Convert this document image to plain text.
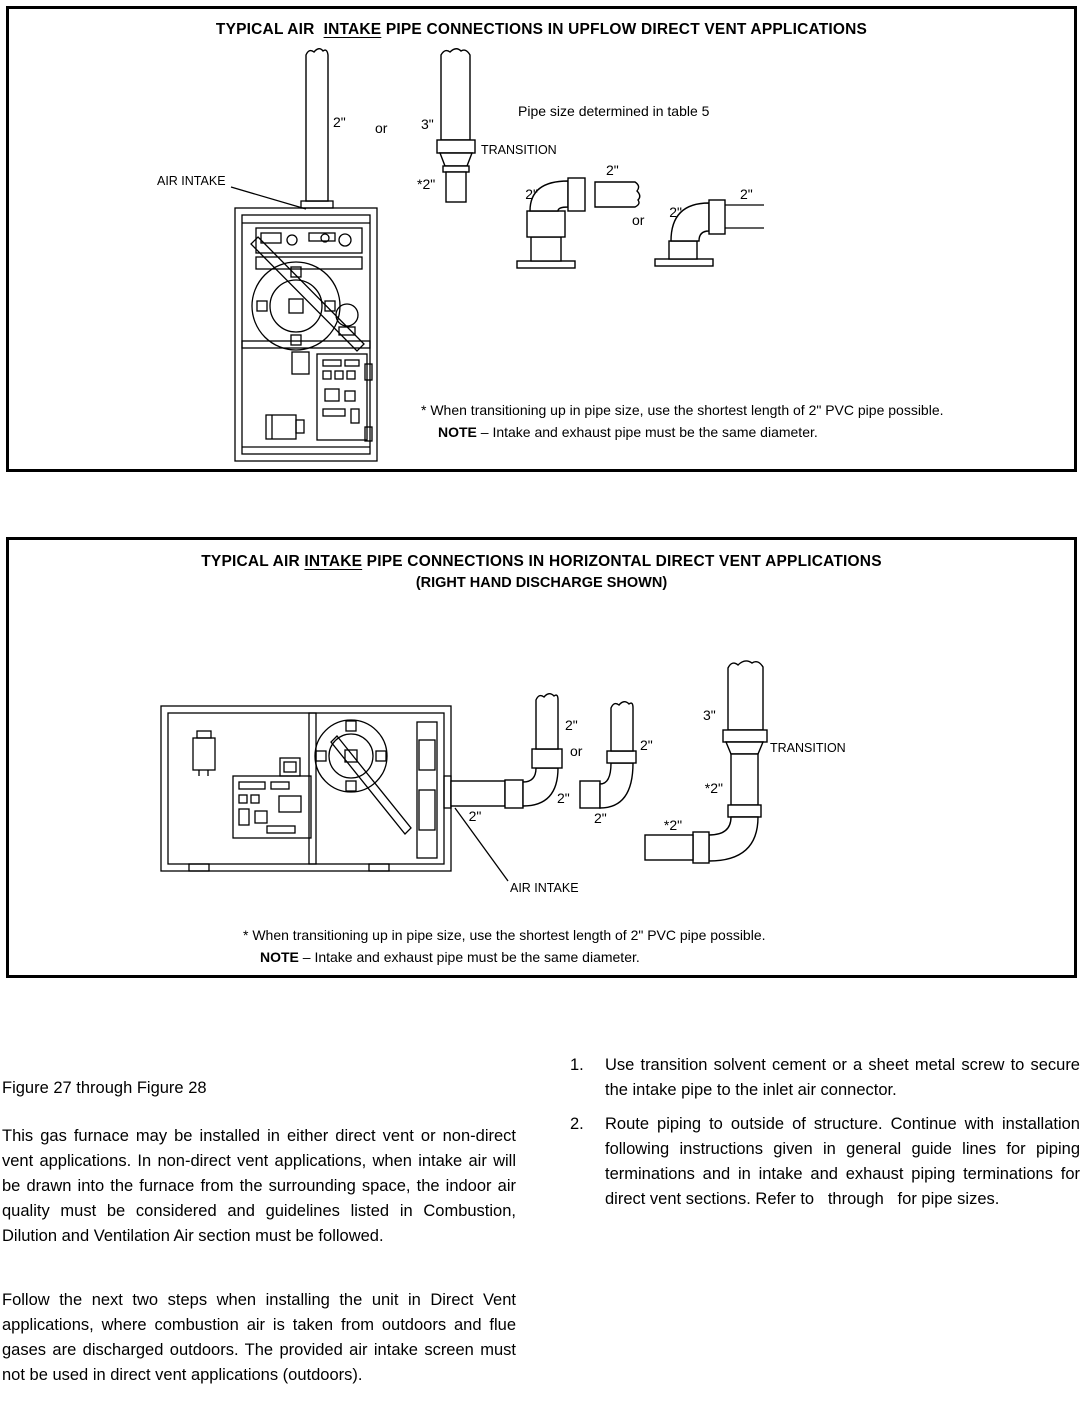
TYPICAL AIR  INTAKE PIPE CONNECTIONS IN UPFLOW DIRECT VENT APPLICATIONS
2" or 3"
Pipe size determined in table 5
TRANSITION
*2"
AIR INTAKE
2"
2"
or 2"
2"
* When transitioning up in pipe size, use the shortest length of 2" PVC pipe possible.
NOTE – Intake and exhaust pipe must be the same diameter.
TYPICAL AIR INTAKE PIPE CONNECTIONS IN HORIZONTAL DIRECT VENT APPLICATIONS
(RIGHT HAND DISCHARGE SHOWN)
2"
2"
2"
or	2"
2"
3"
TRANSITION
*2"
*2"
AIR INTAKE
* When transitioning up in pipe size, use the shortest length of 2" PVC pipe possible.
NOTE – Intake and exhaust pipe must be the same diameter.
Figure 27 through Figure 28
This gas furnace may be installed in either direct vent or non-direct vent applications. In non-direct vent applications, when intake air will be drawn into the furnace from the surrounding space, the indoor air quality must be considered and guidelines listed in Combustion, Dilution and Ventilation Air section must be followed.
Follow the next two steps when installing the unit in Direct Vent applications, where combustion air is taken from outdoors and flue gases are discharged outdoors. The provided air intake screen must not be used in direct vent applications (outdoors).
1.	Use transition solvent cement or a sheet metal screw to secure the intake pipe to the inlet air connector.
2.	Route piping to outside of structure. Continue with installation following instructions given in general guide lines for piping terminations and in intake and exhaust piping terminations for direct vent sections. Refer to   through   for pipe sizes.
